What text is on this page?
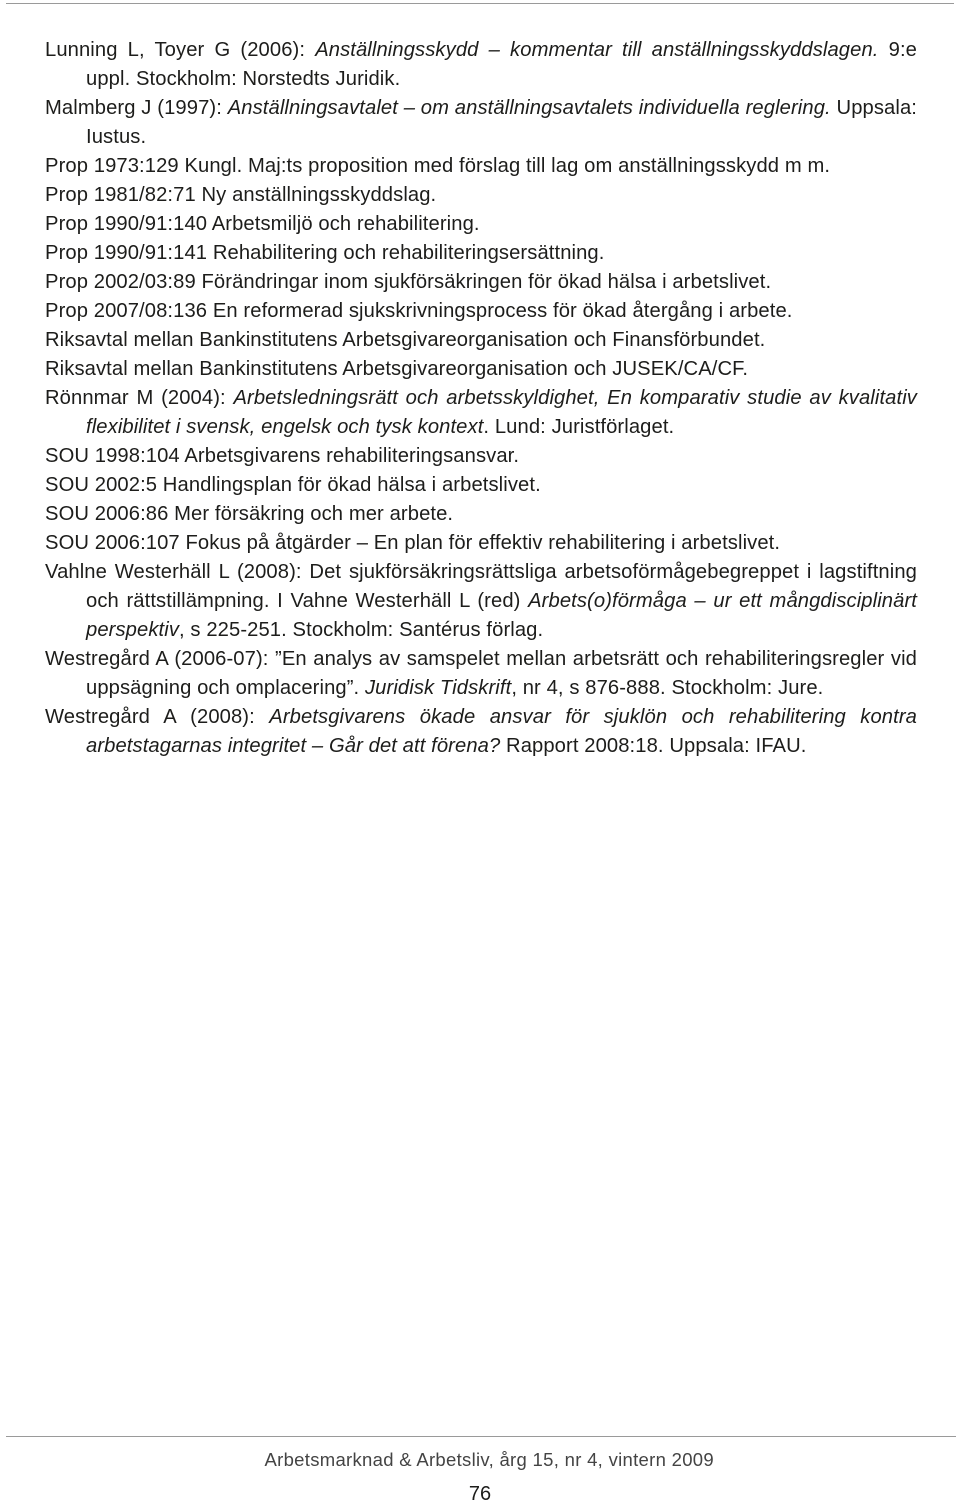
Lunning L, Toyer G (2006): Anställningsskydd – kommentar till anställningsskyddslagen. 9:e uppl. Stockholm: Norstedts Juridik.
Malmberg J (1997): Anställningsavtalet – om anställningsavtalets individuella reglering. Uppsala: Iustus.
Prop 1973:129 Kungl. Maj:ts proposition med förslag till lag om anställningsskydd m m.
Prop 1981/82:71 Ny anställningsskyddslag.
Prop 1990/91:140 Arbetsmiljö och rehabilitering.
Prop 1990/91:141 Rehabilitering och rehabiliteringsersättning.
Prop 2002/03:89 Förändringar inom sjukförsäkringen för ökad hälsa i arbetslivet.
Prop 2007/08:136 En reformerad sjukskrivningsprocess för ökad återgång i arbete.
Riksavtal mellan Bankinstitutens Arbetsgivareorganisation och Finansförbundet.
Riksavtal mellan Bankinstitutens Arbetsgivareorganisation och JUSEK/CA/CF.
Rönnmar M (2004): Arbetsledningsrätt och arbetsskyldighet, En komparativ studie av kvalitativ flexibilitet i svensk, engelsk och tysk kontext. Lund: Juristförlaget.
SOU 1998:104 Arbetsgivarens rehabiliteringsansvar.
SOU 2002:5 Handlingsplan för ökad hälsa i arbetslivet.
SOU 2006:86 Mer försäkring och mer arbete.
SOU 2006:107 Fokus på åtgärder – En plan för effektiv rehabilitering i arbetslivet.
Vahlne Westerhäll L (2008): Det sjukförsäkringsrättsliga arbetsoförmågebegreppet i lagstiftning och rättstillämpning. I Vahne Westerhäll L (red) Arbets(o)förmåga – ur ett mångdisciplinärt perspektiv, s 225-251. Stockholm: Santérus förlag.
Westregård A (2006-07): ”En analys av samspelet mellan arbetsrätt och rehabiliteringsregler vid uppsägning och omplacering”. Juridisk Tidskrift, nr 4, s 876-888. Stockholm: Jure.
Westregård A (2008): Arbetsgivarens ökade ansvar för sjuklön och rehabilitering kontra arbetstagarnas integritet – Går det att förena? Rapport 2008:18. Uppsala: IFAU.
Arbetsmarknad & Arbetsliv, årg 15, nr 4, vintern 2009
76
